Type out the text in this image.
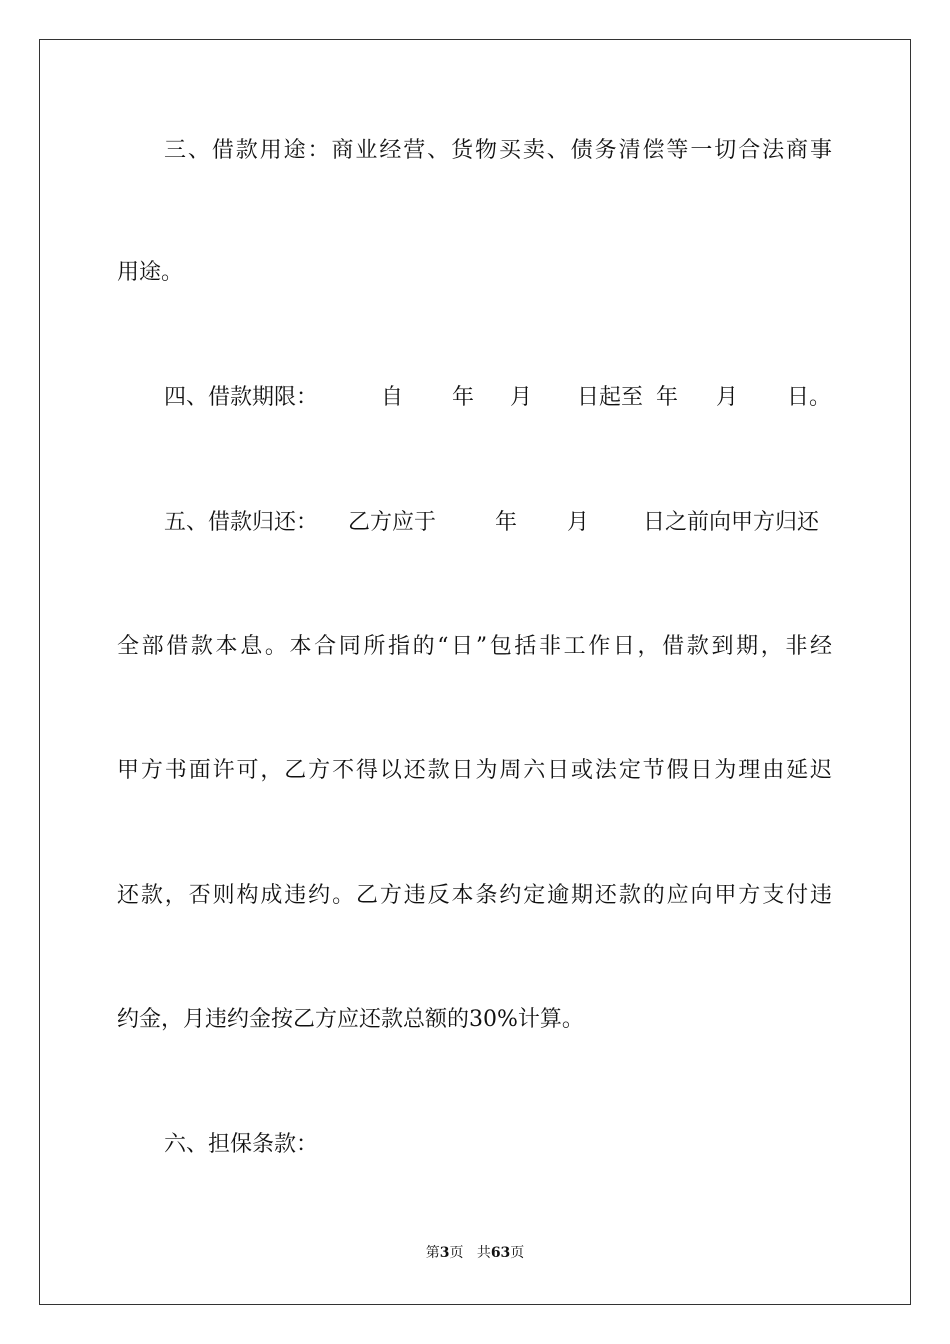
三、借款用途：商业经营、货物买卖、债务清偿等一切合法商事
用途。
四、借款期限：	自 年 月 日起至 年 月 日。
五、借款归还： 乙方应于	年 月 日之前向甲方归还
全部借款本息。本合同所指的“日”包括非工作日，借款到期，非经
甲方书面许可，乙方不得以还款日为周六日或法定节假日为理由延迟
还款，否则构成违约。乙方违反本条约定逾期还款的应向甲方支付违
约金，月违约金按乙方应还款总额的30%计算。
六、担保条款：
第3页 共63页
